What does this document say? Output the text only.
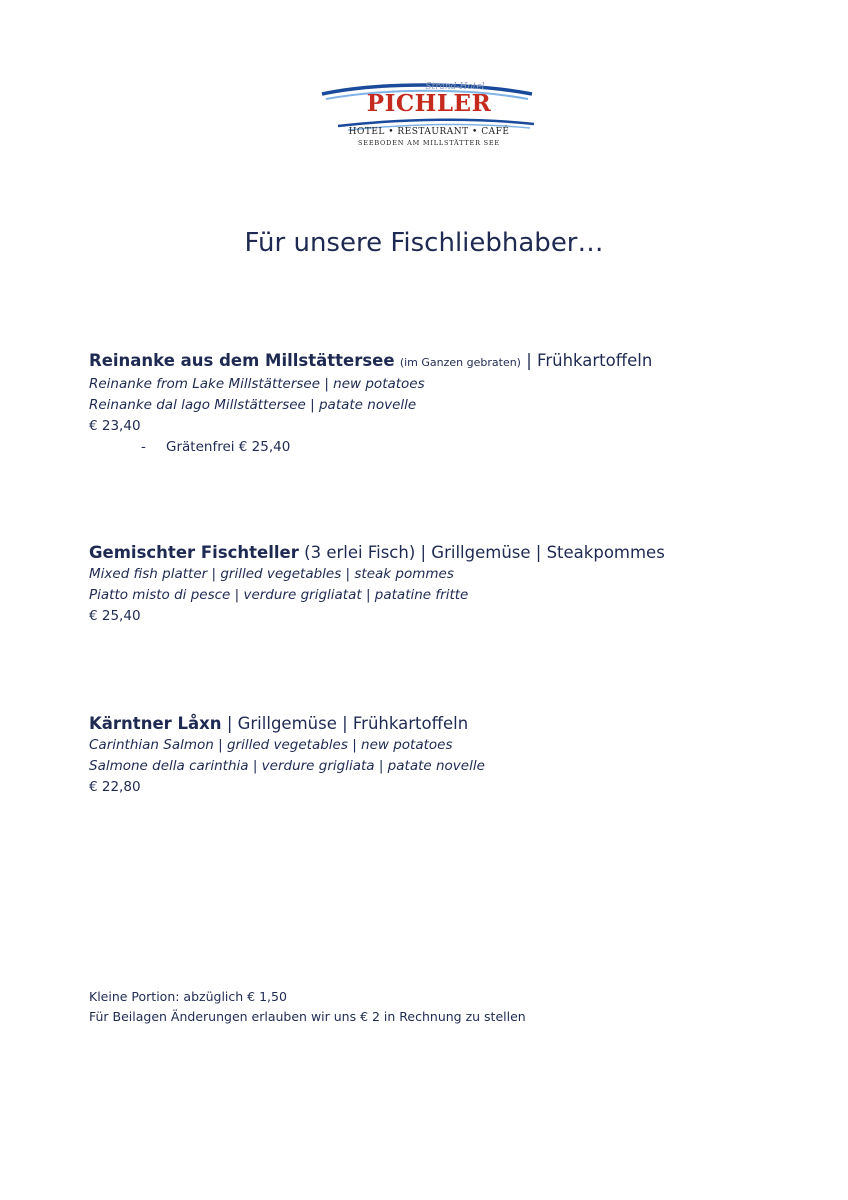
Strand-Hotel
PICHLER
HOTEL • RESTAURANT • CAFÉ
SEEBODEN AM MILLSTÄTTER SEE
Für unsere Fischliebhaber…
Reinanke aus dem Millstättersee (im Ganzen gebraten) | Frühkartoffeln
Reinanke from Lake Millstättersee | new potatoes
Reinanke dal lago Millstättersee | patate novelle
€ 23,40
- Grätenfrei € 25,40
Gemischter Fischteller (3 erlei Fisch) | Grillgemüse | Steakpommes
Mixed fish platter | grilled vegetables | steak pommes
Piatto misto di pesce | verdure grigliatat | patatine fritte
€ 25,40
Kärntner Låxn | Grillgemüse | Frühkartoffeln
Carinthian Salmon | grilled vegetables | new potatoes
Salmone della carinthia | verdure grigliata | patate novelle
€ 22,80
Kleine Portion: abzüglich € 1,50
Für Beilagen Änderungen erlauben wir uns € 2 in Rechnung zu stellen
